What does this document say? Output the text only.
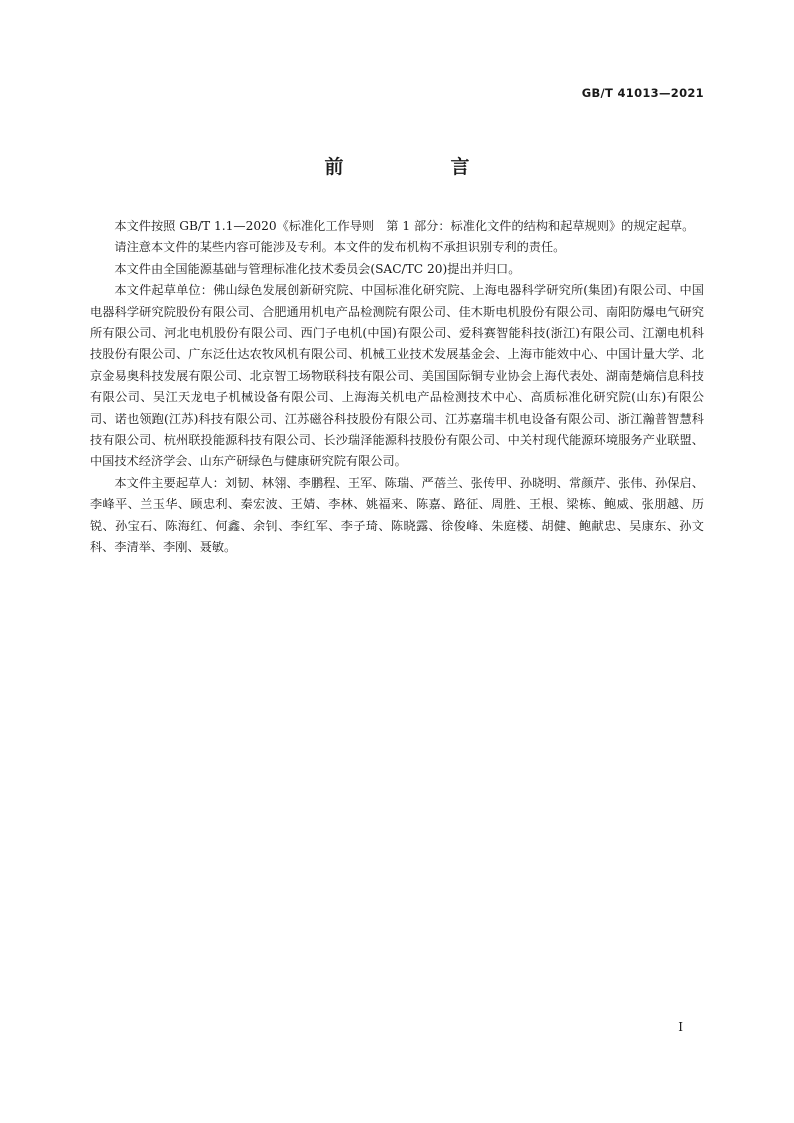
GB/T 41013—2021
前　言

本文件按照 GB/T 1.1—2020《标准化工作导则　第 1 部分：标准化文件的结构和起草规则》的规定起草。

请注意本文件的某些内容可能涉及专利。本文件的发布机构不承担识别专利的责任。

本文件由全国能源基础与管理标准化技术委员会(SAC/TC 20)提出并归口。

本文件起草单位：佛山绿色发展创新研究院、中国标准化研究院、上海电器科学研究所(集团)有限公司、中国电器科学研究院股份有限公司、合肥通用机电产品检测院有限公司、佳木斯电机股份有限公司、南阳防爆电气研究所有限公司、河北电机股份有限公司、西门子电机(中国)有限公司、爱科赛智能科技(浙江)有限公司、江潮电机科技股份有限公司、广东泛仕达农牧风机有限公司、机械工业技术发展基金会、上海市能效中心、中国计量大学、北京金易奥科技发展有限公司、北京智工场物联科技有限公司、美国国际铜专业协会上海代表处、湖南楚熵信息科技有限公司、吴江天龙电子机械设备有限公司、上海海关机电产品检测技术中心、高质标准化研究院(山东)有限公司、诺也领跑(江苏)科技有限公司、江苏磁谷科技股份有限公司、江苏嘉瑞丰机电设备有限公司、浙江瀚普智慧科技有限公司、杭州联投能源科技有限公司、长沙瑞泽能源科技股份有限公司、中关村现代能源环境服务产业联盟、中国技术经济学会、山东产研绿色与健康研究院有限公司。

本文件主要起草人：刘韧、林翎、李鹏程、王军、陈瑞、严蓓兰、张传甲、孙晓明、常颜芹、张伟、孙保启、李峰平、兰玉华、顾忠利、秦宏波、王婧、李林、姚福来、陈嘉、路征、周胜、王根、梁栋、鲍威、张朋越、历锐、孙宝石、陈海红、何鑫、余钊、李红军、李子琦、陈晓露、徐俊峰、朱庭楼、胡健、鲍献忠、吴康东、孙文科、李清举、李刚、聂敏。

I
